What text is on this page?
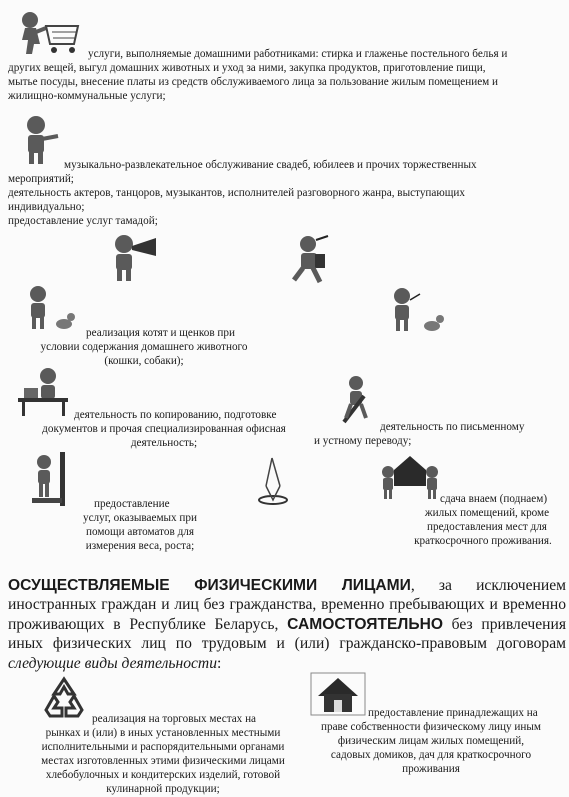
услуги, выполняемые домашними работниками: стирка и глаженье постельного белья и

других вещей, выгул домашних животных и уход за ними, закупка продуктов, приготовление пищи,

мытье посуды, внесение платы из средств обслуживаемого лица за пользование жилым помещением и

жилищно-коммунальные услуги;

музыкально-развлекательное обслуживание свадеб, юбилеев и прочих торжественных

мероприятий;

деятельность актеров, танцоров, музыкантов, исполнителей разговорного жанра, выступающих

индивидуально;

предоставление услуг тамадой;

реализация котят и щенков при

условии содержания домашнего животного

(кошки, собаки);

деятельность по копированию, подготовке

документов и прочая специализированная офисная

деятельность;

деятельность по письменному

и устному переводу;

предоставление

услуг, оказываемых при

помощи автоматов для

измерения веса, роста;

сдача внаем (поднаем)

жилых помещений, кроме

предоставления мест для

краткосрочного проживания.

ОСУЩЕСТВЛЯЕМЫЕ ФИЗИЧЕСКИМИ ЛИЦАМИ, за исключением иностранных граждан и лиц без гражданства, временно пребывающих и временно проживающих в Республике Беларусь, САМОСТОЯТЕЛЬНО без привлечения иных физических лиц по трудовым и (или) гражданско-правовым договорам следующие виды деятельности:

реализация на торговых местах на

рынках и (или) в иных установленных местными

исполнительными и распорядительными органами

местах изготовленных этими физическими лицами

хлебобулочных и кондитерских изделий, готовой

кулинарной продукции;

предоставление принадлежащих на

праве собственности физическому лицу иным

физическим лицам жилых помещений,

садовых домиков, дач для краткосрочного

проживания
